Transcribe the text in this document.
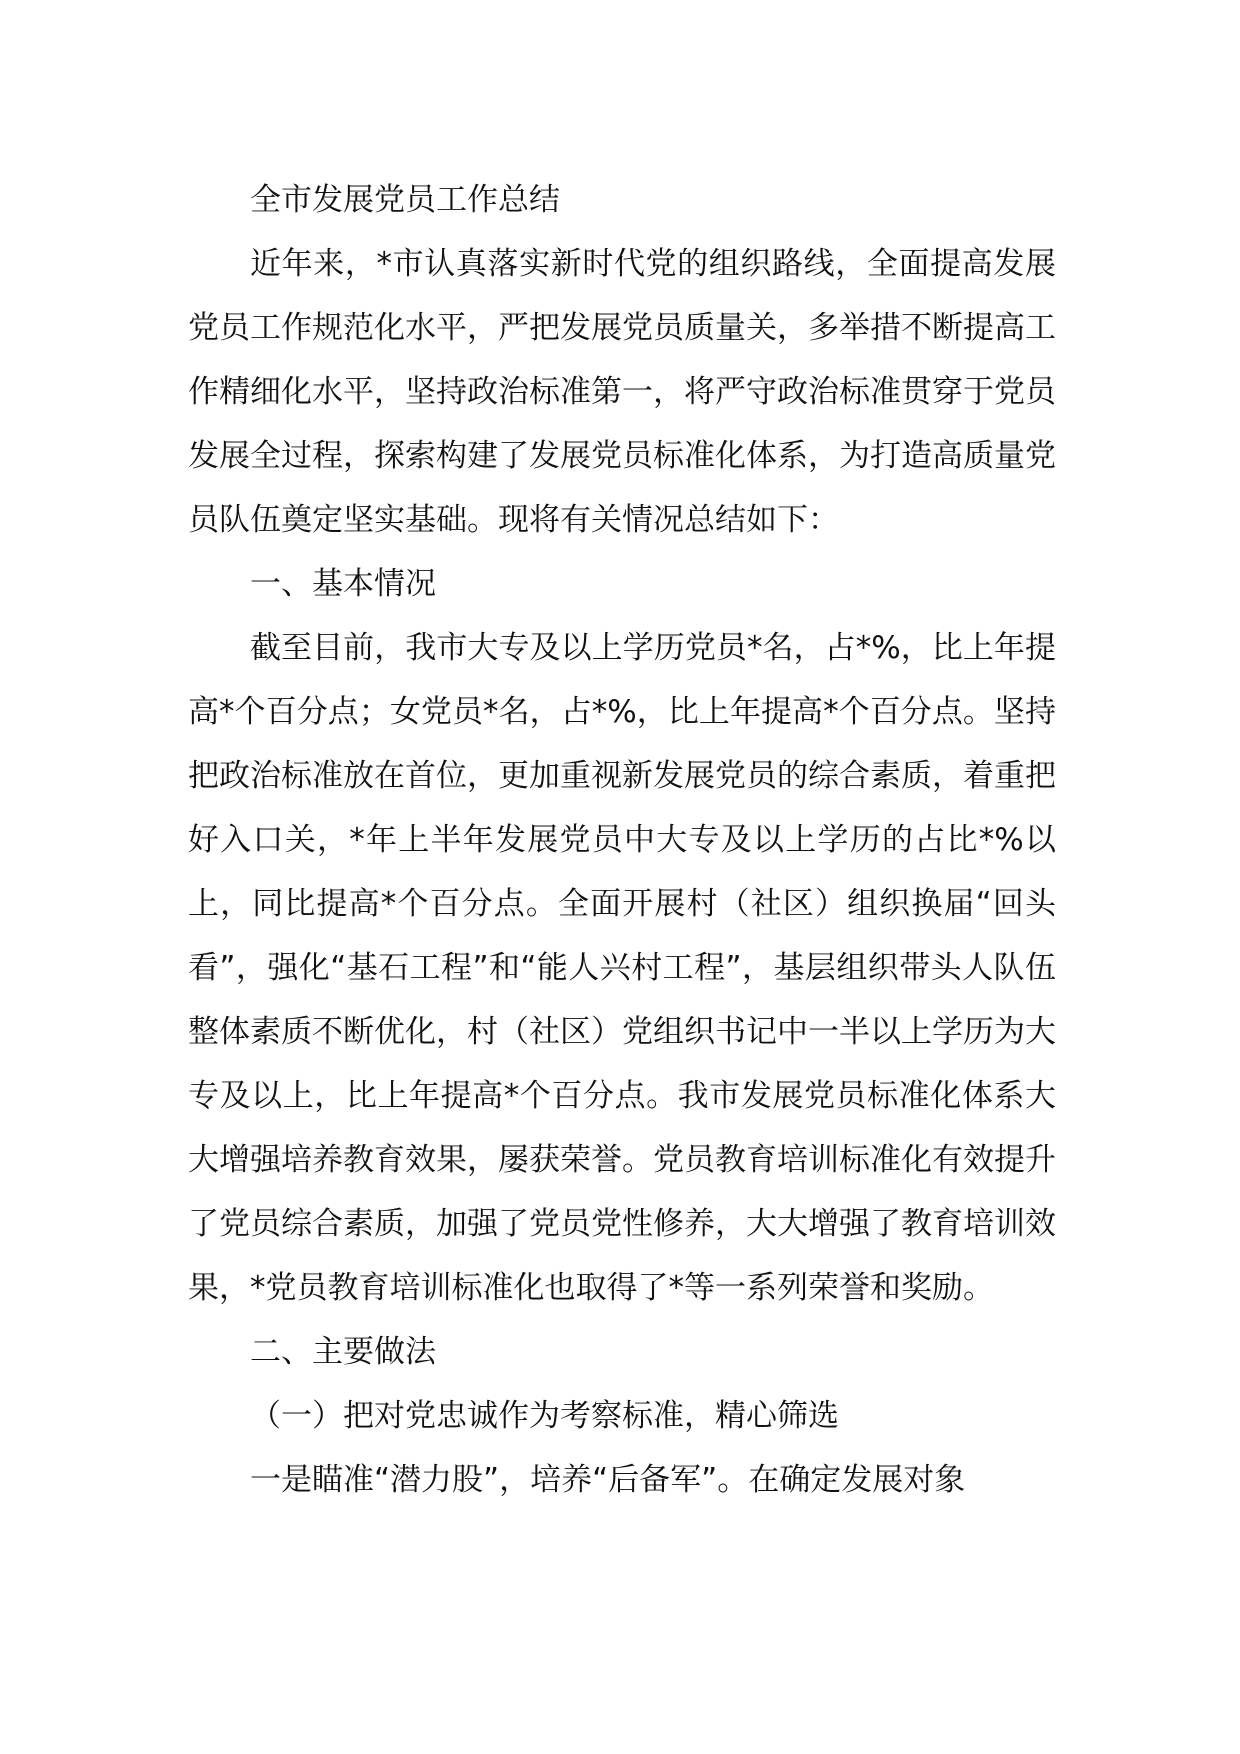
全市发展党员工作总结

近年来，*市认真落实新时代党的组织路线，全面提高发展党员工作规范化水平，严把发展党员质量关，多举措不断提高工作精细化水平，坚持政治标准第一，将严守政治标准贯穿于党员发展全过程，探索构建了发展党员标准化体系，为打造高质量党员队伍奠定坚实基础。现将有关情况总结如下：

一、基本情况

截至目前，我市大专及以上学历党员*名，占*%，比上年提高*个百分点；女党员*名，占*%，比上年提高*个百分点。坚持把政治标准放在首位，更加重视新发展党员的综合素质，着重把好入口关，*年上半年发展党员中大专及以上学历的占比*%以上，同比提高*个百分点。全面开展村（社区）组织换届“回头看”，强化“基石工程”和“能人兴村工程”，基层组织带头人队伍整体素质不断优化，村（社区）党组织书记中一半以上学历为大专及以上，比上年提高*个百分点。我市发展党员标准化体系大大增强培养教育效果，屡获荣誉。党员教育培训标准化有效提升了党员综合素质，加强了党员党性修养，大大增强了教育培训效果，*党员教育培训标准化也取得了*等一系列荣誉和奖励。

二、主要做法

（一）把对党忠诚作为考察标准，精心筛选

一是瞄准“潜力股”，培养“后备军”。在确定发展对象
